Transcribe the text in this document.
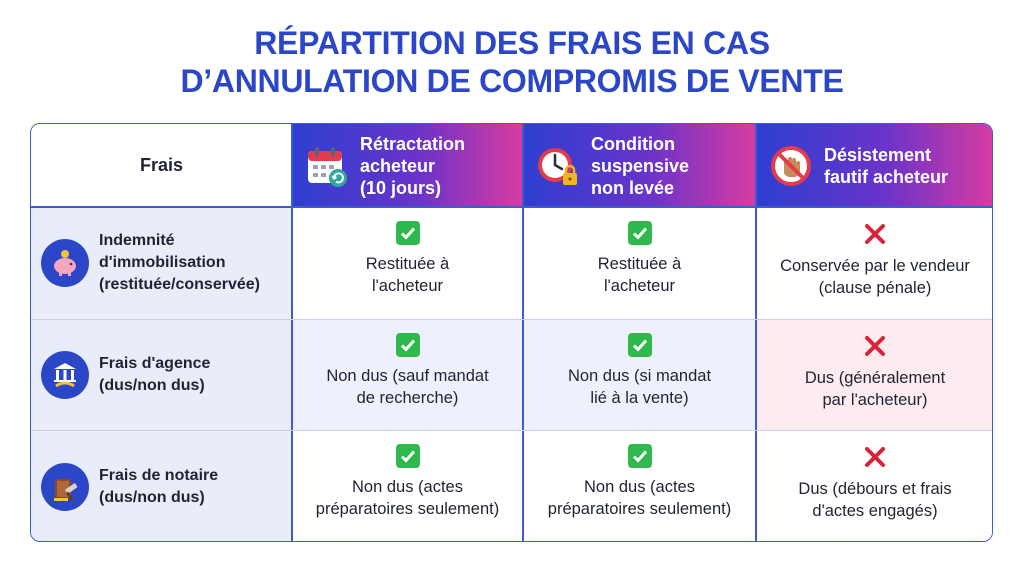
RÉPARTITION DES FRAIS EN CAS
D’ANNULATION DE COMPROMIS DE VENTE
Frais
Rétractation
acheteur
(10 jours)
Condition
suspensive
non levée
Désistement
fautif acheteur
Indemnité
d'immobilisation
(restituée/conservée)
Restituée à
l'acheteur
Restituée à
l'acheteur
Conservée par le vendeur
(clause pénale)
Frais d'agence
(dus/non dus)	Non dus (sauf mandat
de recherche)
Non dus (si mandat
lié à la vente)
Dus (généralement
par l'acheteur)
Frais de notaire
(dus/non dus)
Non dus (actes
préparatoires seulement)
Non dus (actes
préparatoires seulement)
Dus (débours et frais
d'actes engagés)
